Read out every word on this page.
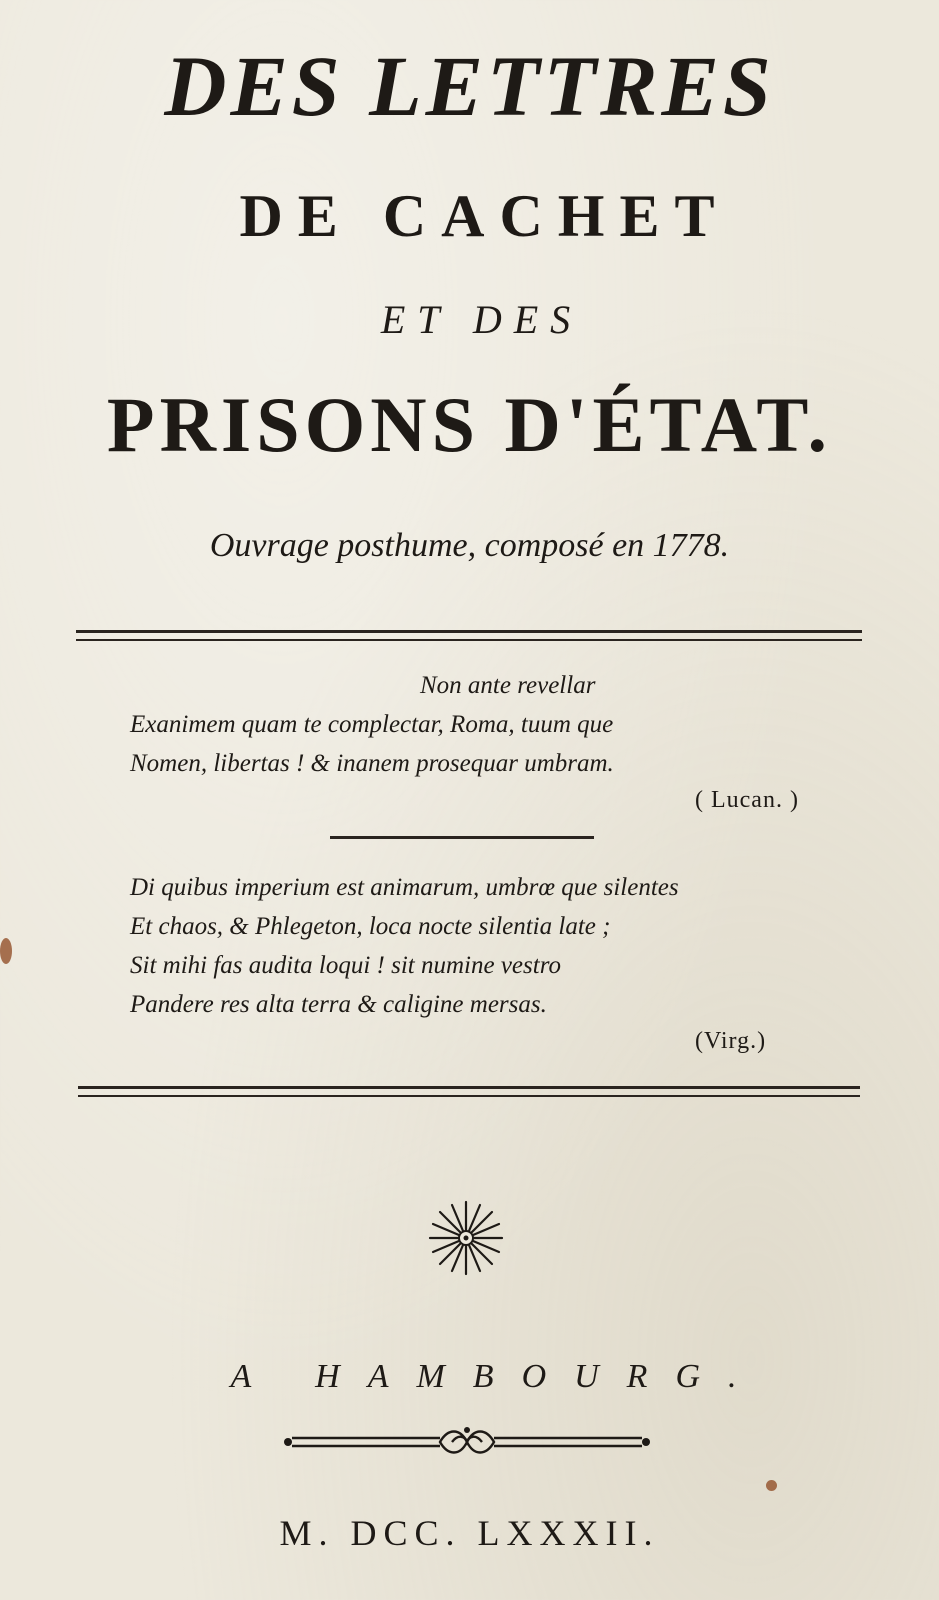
DES LETTRES
DE CACHET
ET DES
PRISONS D'ÉTAT.
Ouvrage posthume, composé en 1778.
Non ante revellar
Exanimem quam te complectar, Roma, tuum que
Nomen, libertas ! & inanem prosequar umbram.
( Lucan. )
Di quibus imperium est animarum, umbrœ que silentes
Et chaos, & Phlegeton, loca nocte silentia late ;
Sit mihi fas audita loqui ! sit numine vestro
Pandere res alta terra & caligine mersas.
(Virg.)
A HAMBOURG.
M. DCC. LXXXII.
